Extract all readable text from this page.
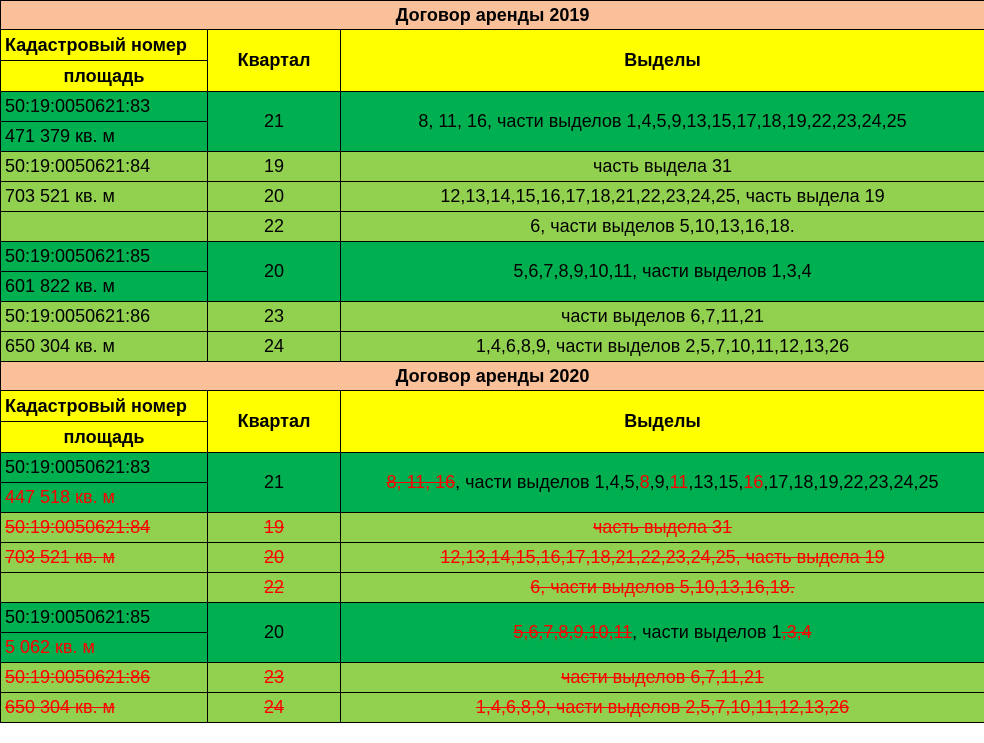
Договор аренды 2019		
Кадастровый номер	Квартал	Выделы
площадь		
50:19:0050621:83	21	8, 11, 16, части выделов 1,4,5,9,13,15,17,18,19,22,23,24,25
471 379 кв. м		
50:19:0050621:84	19	часть выдела 31
703 521 кв. м	20	12,13,14,15,16,17,18,21,22,23,24,25, часть выдела 19
	22	6, части выделов 5,10,13,16,18.
50:19:0050621:85	20	5,6,7,8,9,10,11, части выделов 1,3,4
601 822 кв. м		
50:19:0050621:86	23	части выделов 6,7,11,21
650 304 кв. м	24	1,4,6,8,9, части выделов 2,5,7,10,11,12,13,26
Договор аренды 2020		
Кадастровый номер	Квартал	Выделы
площадь		
50:19:0050621:83	21	8, 11, 16, части выделов 1,4,5,8,9,11,13,15,16,17,18,19,22,23,24,25
447 518 кв. м		
50:19:0050621:84	19	часть выдела 31
703 521 кв. м	20	12,13,14,15,16,17,18,21,22,23,24,25, часть выдела 19
	22	6, части выделов 5,10,13,16,18.
50:19:0050621:85	20	5,6,7,8,9,10,11, части выделов 1,3,4
5 062 кв. м		
50:19:0050621:86	23	части выделов 6,7,11,21
650 304 кв. м	24	1,4,6,8,9, части выделов 2,5,7,10,11,12,13,26
